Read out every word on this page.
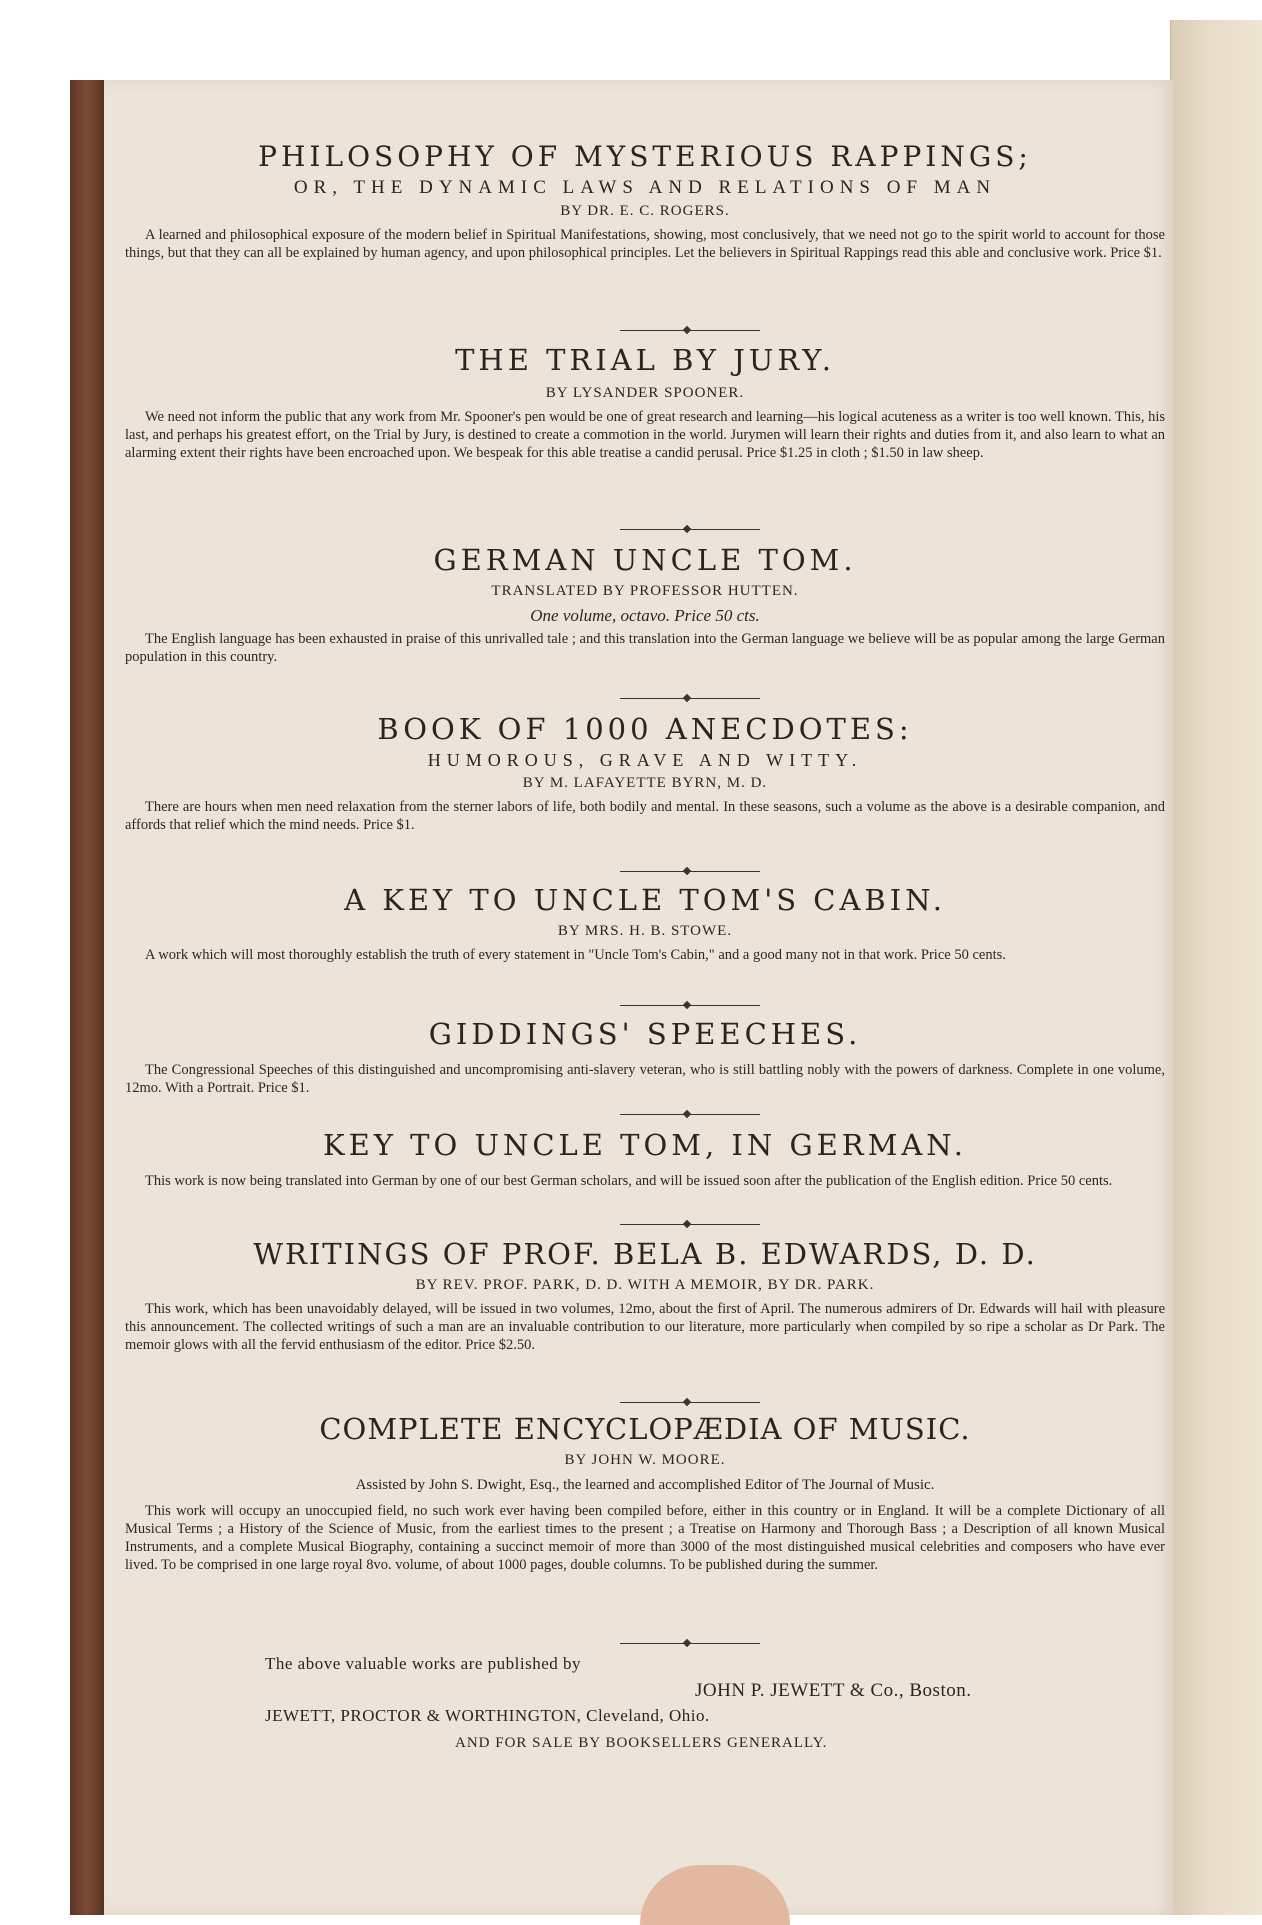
PHILOSOPHY OF MYSTERIOUS RAPPINGS;
OR, THE DYNAMIC LAWS AND RELATIONS OF MAN
BY DR. E. C. ROGERS.
A learned and philosophical exposure of the modern belief in Spiritual Manifestations, showing, most conclusively, that we need not go to the spirit world to account for those things, but that they can all be explained by human agency, and upon philosophical principles. Let the believers in Spiritual Rappings read this able and conclusive work. Price $1.
THE TRIAL BY JURY.
BY LYSANDER SPOONER.
We need not inform the public that any work from Mr. Spooner's pen would be one of great research and learning—his logical acuteness as a writer is too well known. This, his last, and perhaps his greatest effort, on the Trial by Jury, is destined to create a commotion in the world. Jurymen will learn their rights and duties from it, and also learn to what an alarming extent their rights have been encroached upon. We bespeak for this able treatise a candid perusal. Price $1.25 in cloth ; $1.50 in law sheep.
GERMAN UNCLE TOM.
TRANSLATED BY PROFESSOR HUTTEN.
One volume, octavo. Price 50 cts.
The English language has been exhausted in praise of this unrivalled tale ; and this translation into the German language we believe will be as popular among the large German population in this country.
BOOK OF 1000 ANECDOTES:
HUMOROUS, GRAVE AND WITTY.
BY M. LAFAYETTE BYRN, M. D.
There are hours when men need relaxation from the sterner labors of life, both bodily and mental. In these seasons, such a volume as the above is a desirable companion, and affords that relief which the mind needs. Price $1.
A KEY TO UNCLE TOM'S CABIN.
BY MRS. H. B. STOWE.
A work which will most thoroughly establish the truth of every statement in "Uncle Tom's Cabin," and a good many not in that work. Price 50 cents.
GIDDINGS' SPEECHES.
The Congressional Speeches of this distinguished and uncompromising anti-slavery veteran, who is still battling nobly with the powers of darkness. Complete in one volume, 12mo. With a Portrait. Price $1.
KEY TO UNCLE TOM, IN GERMAN.
This work is now being translated into German by one of our best German scholars, and will be issued soon after the publication of the English edition. Price 50 cents.
WRITINGS OF PROF. BELA B. EDWARDS, D. D.
BY REV. PROF. PARK, D. D. WITH A MEMOIR, BY DR. PARK.
This work, which has been unavoidably delayed, will be issued in two volumes, 12mo, about the first of April. The numerous admirers of Dr. Edwards will hail with pleasure this announcement. The collected writings of such a man are an invaluable contribution to our literature, more particularly when compiled by so ripe a scholar as Dr Park. The memoir glows with all the fervid enthusiasm of the editor. Price $2.50.
COMPLETE ENCYCLOPÆDIA OF MUSIC.
BY JOHN W. MOORE.
Assisted by John S. Dwight, Esq., the learned and accomplished Editor of The Journal of Music.
This work will occupy an unoccupied field, no such work ever having been compiled before, either in this country or in England. It will be a complete Dictionary of all Musical Terms ; a History of the Science of Music, from the earliest times to the present ; a Treatise on Harmony and Thorough Bass ; a Description of all known Musical Instruments, and a complete Musical Biography, containing a succinct memoir of more than 3000 of the most distinguished musical celebrities and composers who have ever lived. To be comprised in one large royal 8vo. volume, of about 1000 pages, double columns. To be published during the summer.
The above valuable works are published by
JOHN P. JEWETT & Co., Boston.
JEWETT, PROCTOR & WORTHINGTON, Cleveland, Ohio.
AND FOR SALE BY BOOKSELLERS GENERALLY.
